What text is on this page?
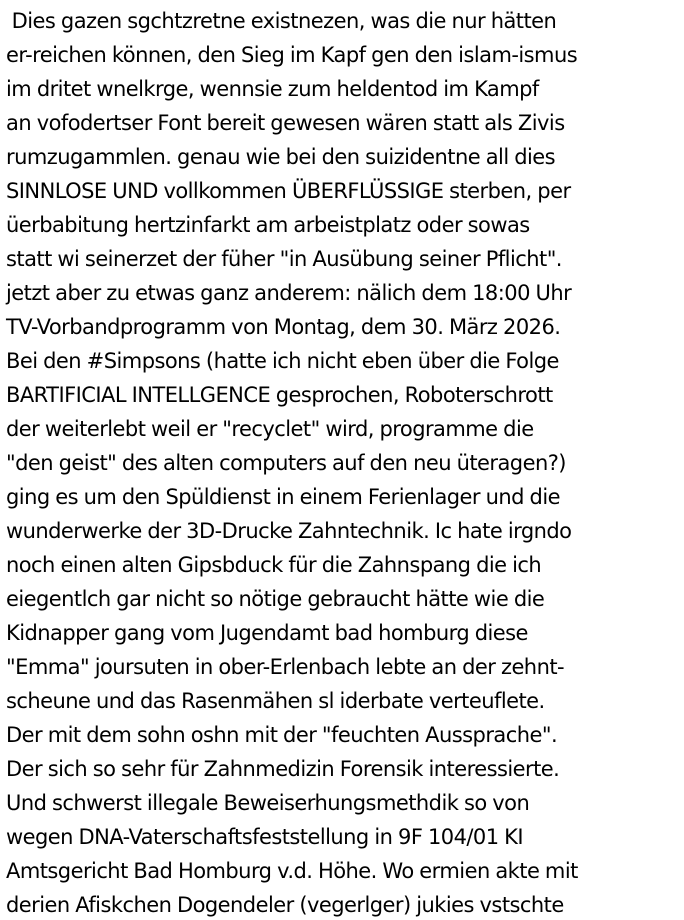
Dies gazen sgchtzretne existnezen, was die nur hätten
er-reichen können, den Sieg im Kapf gen den islam-ismus
im dritet wnelkrge, wennsie zum heldentod im Kampf
an vofodertser Font bereit gewesen wären statt als Zivis
rumzugammlen. genau wie bei den suizidentne all dies
SINNLOSE UND vollkommen ÜBERFLÜSSIGE sterben, per
üerbabitung hertzinfarkt am arbeistplatz oder sowas
statt wi seinerzet der füher "in Ausübung seiner Pflicht".
jetzt aber zu etwas ganz anderem: nälich dem 18:00 Uhr
TV-Vorbandprogramm von Montag, dem 30. März 2026.
Bei den #Simpsons (hatte ich nicht eben über die Folge
BARTIFICIAL INTELLGENCE gesprochen, Roboterschrott
der weiterlebt weil er "recyclet" wird, programme die
"den geist" des alten computers auf den neu üteragen?)
ging es um den Spüldienst in einem Ferienlager und die
wunderwerke der 3D-Drucke Zahntechnik. Ic hate irgndo
noch einen alten Gipsbduck für die Zahnspang die ich
eiegentlch gar nicht so nötige gebraucht hätte wie die
Kidnapper gang vom Jugendamt bad homburg diese
"Emma" joursuten in ober-Erlenbach lebte an der zehnt-
scheune und das Rasenmähen sl iderbate verteuflete.
Der mit dem sohn oshn mit der "feuchten Aussprache".
Der sich so sehr für Zahnmedizin Forensik interessierte.
Und schwerst illegale Beweiserhungsmethdik so von
wegen DNA-Vaterschaftsfeststellung in 9F 104/01 KI
Amtsgericht Bad Homburg v.d. Höhe. Wo ermien akte mit
derien Afiskchen Dogendeler (vegerlger) jukies vstschte
